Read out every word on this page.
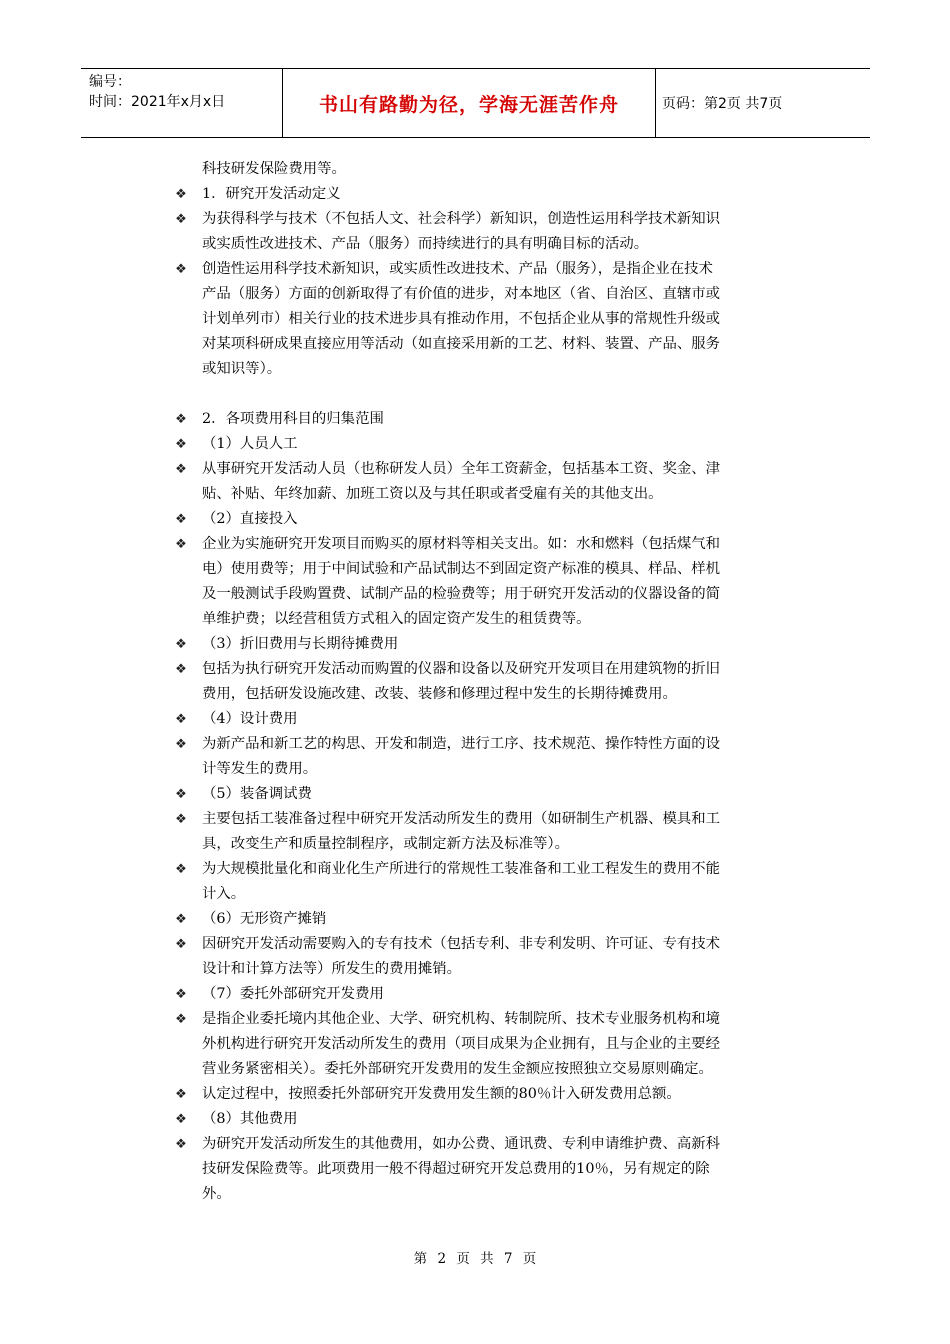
编号：
时间：2021年x月x日	书山有路勤为径，学海无涯苦作舟	页码：第2页 共7页
科技研发保险费用等。
❖ 1．研究开发活动定义
❖ 为获得科学与技术（不包括人文、社会科学）新知识，创造性运用科学技术新知识
或实质性改进技术、产品（服务）而持续进行的具有明确目标的活动。
❖ 创造性运用科学技术新知识，或实质性改进技术、产品（服务），是指企业在技术
产品（服务）方面的创新取得了有价值的进步，对本地区（省、自治区、直辖市或
计划单列市）相关行业的技术进步具有推动作用，不包括企业从事的常规性升级或
对某项科研成果直接应用等活动（如直接采用新的工艺、材料、装置、产品、服务
或知识等）。
❖ 2．各项费用科目的归集范围
❖ （1）人员人工
❖ 从事研究开发活动人员（也称研发人员）全年工资薪金，包括基本工资、奖金、津
贴、补贴、年终加薪、加班工资以及与其任职或者受雇有关的其他支出。
❖ （2）直接投入
❖ 企业为实施研究开发项目而购买的原材料等相关支出。如：水和燃料（包括煤气和
电）使用费等；用于中间试验和产品试制达不到固定资产标准的模具、样品、样机
及一般测试手段购置费、试制产品的检验费等；用于研究开发活动的仪器设备的简
单维护费；以经营租赁方式租入的固定资产发生的租赁费等。
❖ （3）折旧费用与长期待摊费用
❖ 包括为执行研究开发活动而购置的仪器和设备以及研究开发项目在用建筑物的折旧
费用，包括研发设施改建、改装、装修和修理过程中发生的长期待摊费用。
❖ （4）设计费用
❖ 为新产品和新工艺的构思、开发和制造，进行工序、技术规范、操作特性方面的设
计等发生的费用。
❖ （5）装备调试费
❖ 主要包括工装准备过程中研究开发活动所发生的费用（如研制生产机器、模具和工
具，改变生产和质量控制程序，或制定新方法及标准等）。
❖ 为大规模批量化和商业化生产所进行的常规性工装准备和工业工程发生的费用不能
计入。
❖ （6）无形资产摊销
❖ 因研究开发活动需要购入的专有技术（包括专利、非专利发明、许可证、专有技术
设计和计算方法等）所发生的费用摊销。
❖ （7）委托外部研究开发费用
❖ 是指企业委托境内其他企业、大学、研究机构、转制院所、技术专业服务机构和境
外机构进行研究开发活动所发生的费用（项目成果为企业拥有，且与企业的主要经
营业务紧密相关）。委托外部研究开发费用的发生金额应按照独立交易原则确定。
❖ 认定过程中，按照委托外部研究开发费用发生额的80％计入研发费用总额。
❖ （8）其他费用
❖ 为研究开发活动所发生的其他费用，如办公费、通讯费、专利申请维护费、高新科
技研发保险费等。此项费用一般不得超过研究开发总费用的10％，另有规定的除
外。
第 2 页 共 7 页
